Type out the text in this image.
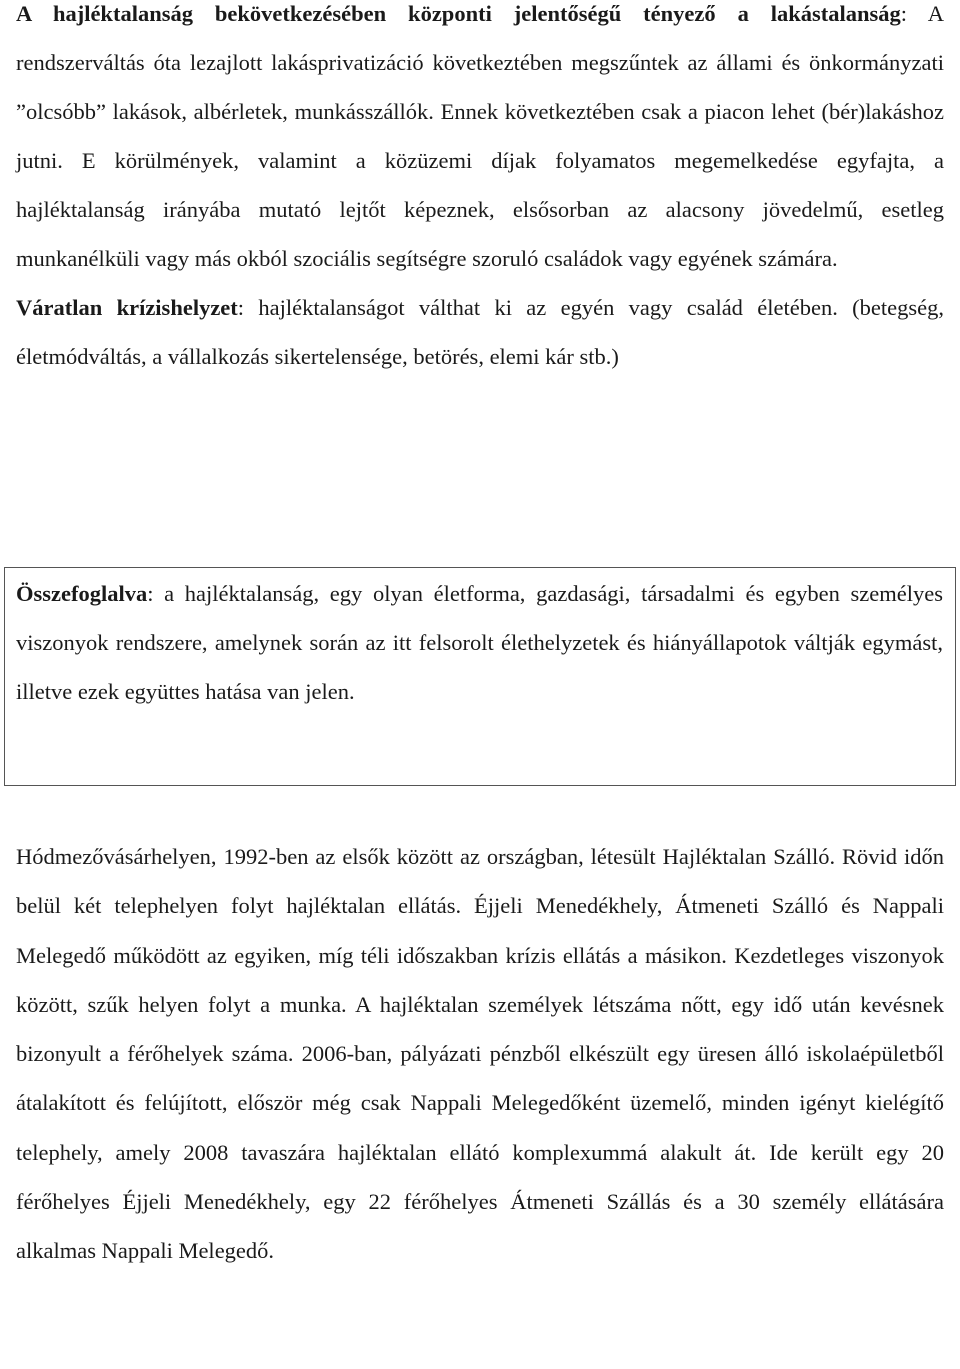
A hajléktalanság bekövetkezésében központi jelentőségű tényező a lakástalanság: A rendszerváltás óta lezajlott lakásprivatizáció következtében megszűntek az állami és önkormányzati ”olcsóbb” lakások, albérletek, munkásszállók. Ennek következtében csak a piacon lehet (bér)lakáshoz jutni. E körülmények, valamint a közüzemi díjak folyamatos megemelkedése egyfajta, a hajléktalanság irányába mutató lejtőt képeznek, elsősorban az alacsony jövedelmű, esetleg munkanélküli vagy más okból szociális segítségre szoruló családok vagy egyének számára.
Váratlan krízishelyzet: hajléktalanságot válthat ki az egyén vagy család életében. (betegség, életmódváltás, a vállalkozás sikertelensége, betörés, elemi kár stb.)

Összefoglalva: a hajléktalanság, egy olyan életforma, gazdasági, társadalmi és egyben személyes viszonyok rendszere, amelynek során az itt felsorolt élethelyzetek és hiányállapotok váltják egymást, illetve ezek együttes hatása van jelen.

Hódmezővásárhelyen, 1992-ben az elsők között az országban, létesült Hajléktalan Szálló. Rövid időn belül két telephelyen folyt hajléktalan ellátás. Éjjeli Menedékhely, Átmeneti Szálló és Nappali Melegedő működött az egyiken, míg téli időszakban krízis ellátás a másikon. Kezdetleges viszonyok között, szűk helyen folyt a munka. A hajléktalan személyek létszáma nőtt, egy idő után kevésnek bizonyult a férőhelyek száma. 2006-ban, pályázati pénzből elkészült egy üresen álló iskolaépületből átalakított és felújított, először még csak Nappali Melegedőként üzemelő, minden igényt kielégítő telephely, amely 2008 tavaszára hajléktalan ellátó komplexummá alakult át. Ide került egy 20 férőhelyes Éjjeli Menedékhely, egy 22 férőhelyes Átmeneti Szállás és a 30 személy ellátására alkalmas Nappali Melegedő.
